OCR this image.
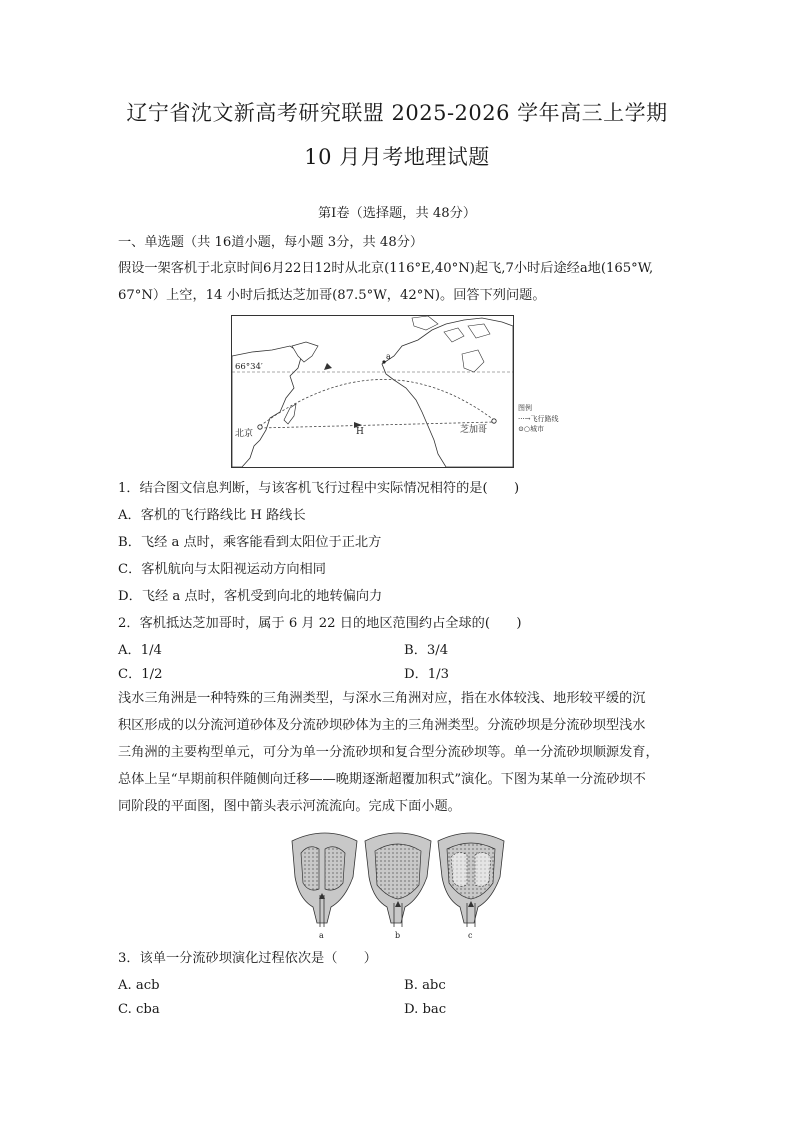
辽宁省沈文新高考研究联盟 2025-2026 学年高三上学期
10 月月考地理试题
第Ⅰ卷（选择题，共 48分）
一、单选题（共 16道小题，每小题 3分，共 48分）
假设一架客机于北京时间6月22日12时从北京(116°E,40°N)起飞,7小时后途经a地(165°W,
67°N）上空，14 小时后抵达芝加哥(87.5°W，42°N)。回答下列问题。
66°34′
北京	H	芝加哥
a
图例
···→飞行路线
⊙○城市
1．结合图文信息判断，与该客机飞行过程中实际情况相符的是(　　)
A．客机的飞行路线比 H 路线长
B．飞经 a 点时，乘客能看到太阳位于正北方
C．客机航向与太阳视运动方向相同
D．飞经 a 点时，客机受到向北的地转偏向力
2．客机抵达芝加哥时，属于 6 月 22 日的地区范围约占全球的(　　)
A．1/4	B．3/4
C．1/2	D．1/3
浅水三角洲是一种特殊的三角洲类型，与深水三角洲对应，指在水体较浅、地形较平缓的沉
积区形成的以分流河道砂体及分流砂坝砂体为主的三角洲类型。分流砂坝是分流砂坝型浅水
三角洲的主要构型单元，可分为单一分流砂坝和复合型分流砂坝等。单一分流砂坝顺源发育，
总体上呈“早期前积伴随侧向迁移——晚期逐渐超覆加积式”演化。下图为某单一分流砂坝不
同阶段的平面图，图中箭头表示河流流向。完成下面小题。
a	b	c
3．该单一分流砂坝演化过程依次是（　　）
A. acb	B. abc
C. cba	D. bac
